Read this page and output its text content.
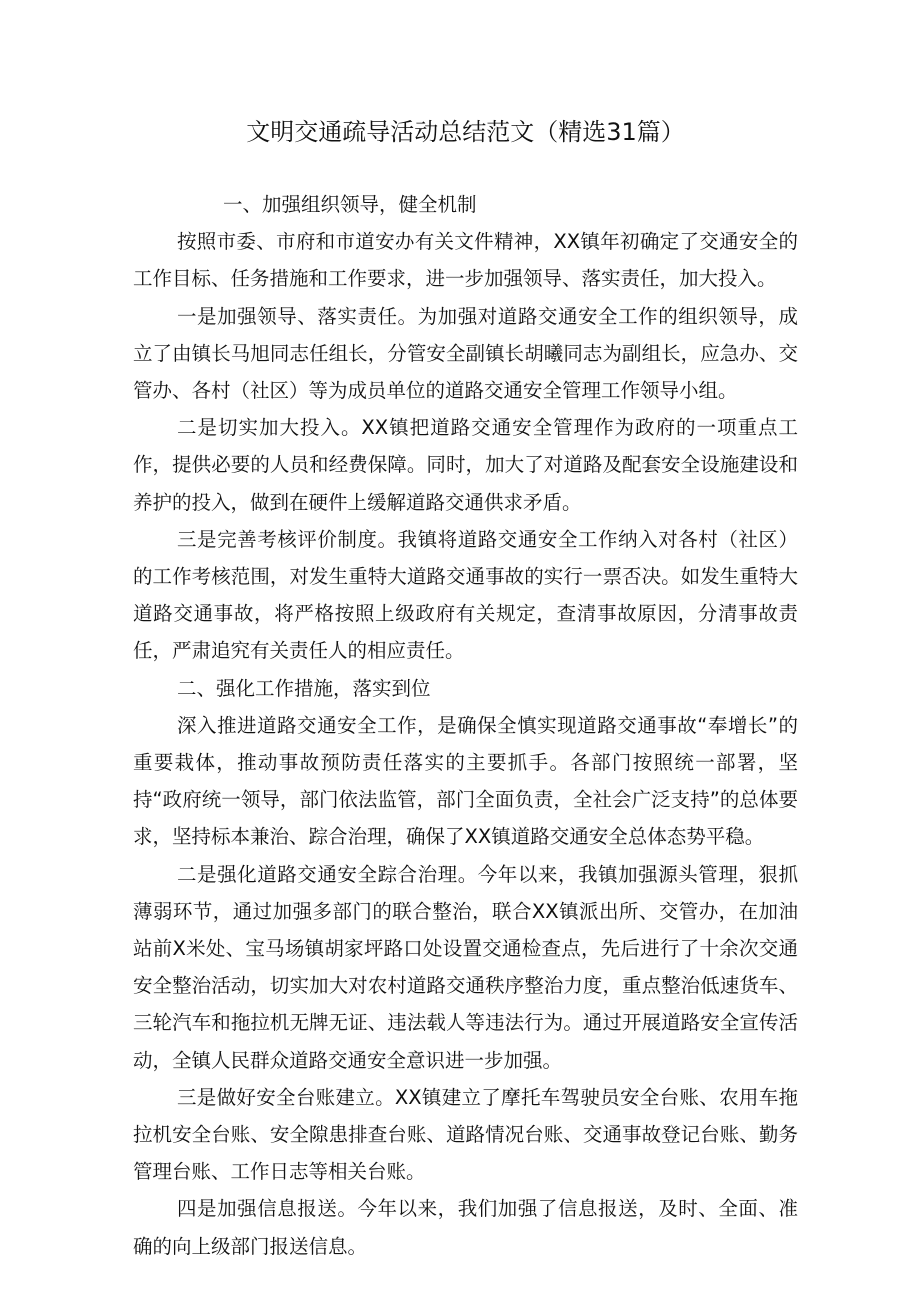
文明交通疏导活动总结范文（精选31篇）

一、加强组织领导，健全机制

按照市委、市府和市道安办有关文件精神，XX镇年初确定了交通安全的工作目标、任务措施和工作要求，进一步加强领导、落实责任，加大投入。

一是加强领导、落实责任。为加强对道路交通安全工作的组织领导，成立了由镇长马旭同志任组长，分管安全副镇长胡曦同志为副组长，应急办、交管办、各村（社区）等为成员单位的道路交通安全管理工作领导小组。

二是切实加大投入。XX镇把道路交通安全管理作为政府的一项重点工作，提供必要的人员和经费保障。同时，加大了对道路及配套安全设施建设和养护的投入，做到在硬件上缓解道路交通供求矛盾。

三是完善考核评价制度。我镇将道路交通安全工作纳入对各村（社区）的工作考核范围，对发生重特大道路交通事故的实行一票否决。如发生重特大道路交通事故，将严格按照上级政府有关规定，查清事故原因，分清事故责任，严肃追究有关责任人的相应责任。

二、强化工作措施，落实到位

深入推进道路交通安全工作，是确保全慎实现道路交通事故“奉增长”的重要栽体，推动事故预防责任落实的主要抓手。各部门按照统一部署，坚持“政府统一领导，部门依法监管，部门全面负责，全社会广泛支持”的总体要求，坚持标本兼治、踪合治理，确保了XX镇道路交通安全总体态势平稳。

二是强化道路交通安全踪合治理。今年以来，我镇加强源头管理，狠抓薄弱环节，通过加强多部门的联合整治，联合XX镇派出所、交管办，在加油站前X米处、宝马场镇胡家坪路口处设置交通检查点，先后进行了十余次交通安全整治活动，切实加大对农村道路交通秩序整治力度，重点整治低速货车、三轮汽车和拖拉机无牌无证、违法载人等违法行为。通过开展道路安全宣传活动，全镇人民群众道路交通安全意识进一步加强。

三是做好安全台账建立。XX镇建立了摩托车驾驶员安全台账、农用车拖拉机安全台账、安全隙患排查台账、道路情况台账、交通事故登记台账、勤务管理台账、工作日志等相关台账。

四是加强信息报送。今年以来，我们加强了信息报送，及时、全面、准确的向上级部门报送信息。
